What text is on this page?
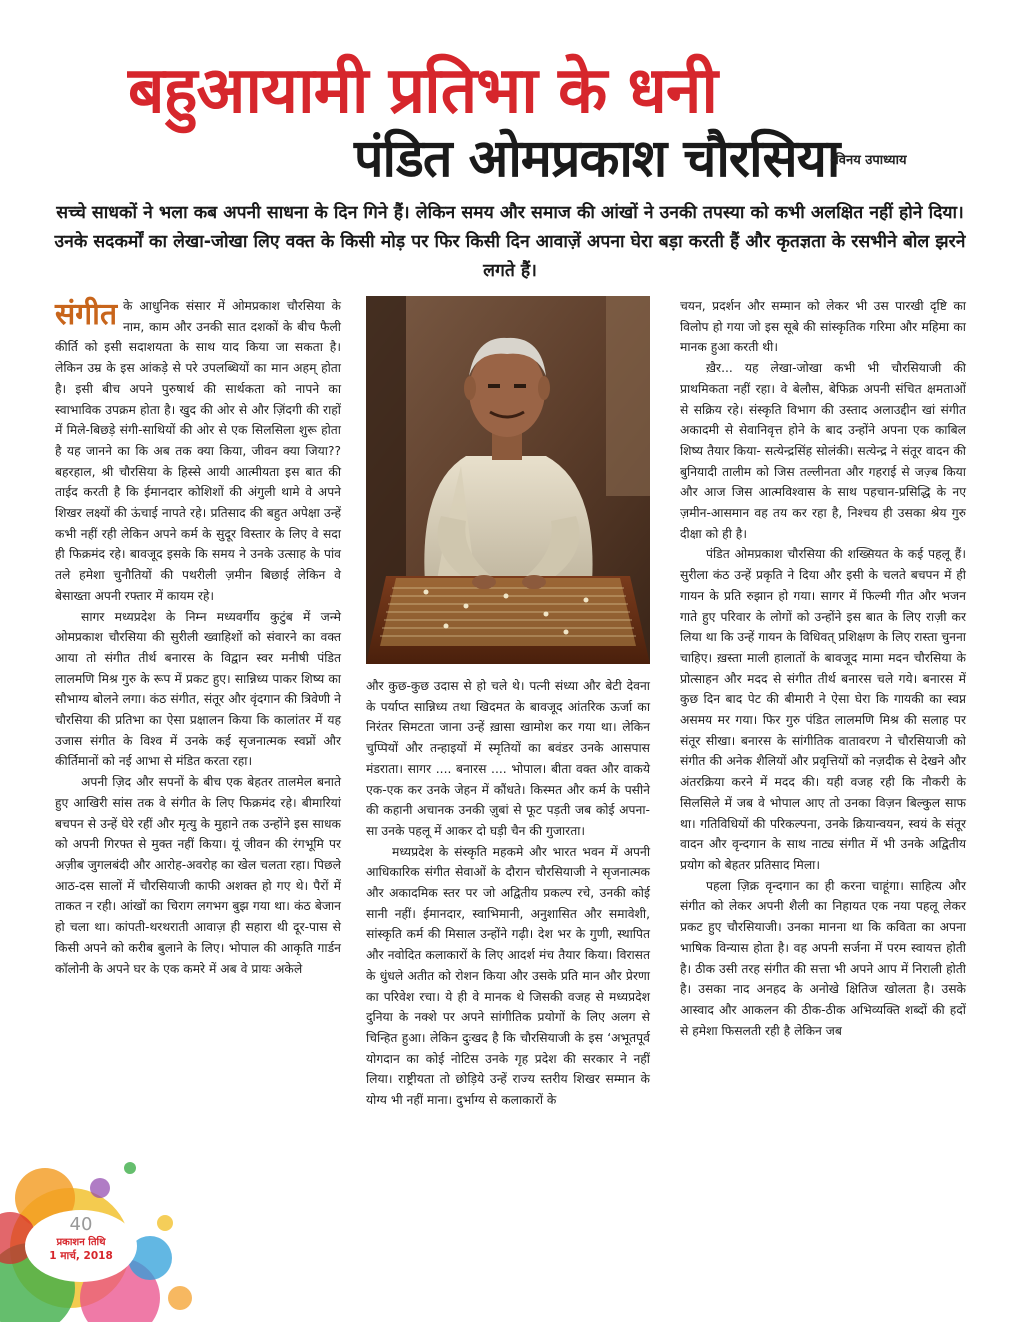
बहुआयामी प्रतिभा के धनी
पंडित ओमप्रकाश चौरसिया
-विनय उपाध्याय
सच्चे साधकों ने भला कब अपनी साधना के दिन गिने हैं। लेकिन समय और समाज की आंखों ने उनकी तपस्या को कभी अलक्षित नहीं होने दिया। उनके सदकर्मों का लेखा-जोखा लिए वक्त के किसी मोड़ पर फिर किसी दिन आवाज़ें अपना घेरा बड़ा करती हैं और कृतज्ञता के रसभीने बोल झरने लगते हैं।

संगीत के आधुनिक संसार में ओमप्रकाश चौरसिया के नाम, काम और उनकी सात दशकों के बीच फैली कीर्ति को इसी सदाशयता के साथ याद किया जा सकता है। लेकिन उम्र के इस आंकड़े से परे उपलब्धियों का मान अहम् होता है। इसी बीच अपने पुरुषार्थ की सार्थकता को नापने का स्वाभाविक उपक्रम होता है। खुद की ओर से और ज़िंदगी की राहों में मिले-बिछड़े संगी-साथियों की ओर से एक सिलसिला शुरू होता है यह जानने का कि अब तक क्या किया, जीवन क्या जिया?? बहरहाल, श्री चौरसिया के हिस्से आयी आत्मीयता इस बात की ताईद करती है कि ईमानदार कोशिशों की अंगुली थामे वे अपने शिखर लक्ष्यों की ऊंचाई नापते रहे। प्रतिसाद की बहुत अपेक्षा उन्हें कभी नहीं रही लेकिन अपने कर्म के सुदूर विस्तार के लिए वे सदा ही फिक्रमंद रहे। बावजूद इसके कि समय ने उनके उत्साह के पांव तले हमेशा चुनौतियों की पथरीली ज़मीन बिछाई लेकिन वे बेसाख्ता अपनी रफ्तार में कायम रहे।

सागर मध्यप्रदेश के निम्न मध्यवर्गीय कुटुंब में जन्मे ओमप्रकाश चौरसिया की सुरीली ख्वाहिशों को संवारने का वक्त आया तो संगीत तीर्थ बनारस के विद्वान स्वर मनीषी पंडित लालमणि मिश्र गुरु के रूप में प्रकट हुए। सान्निध्य पाकर शिष्य का सौभाग्य बोलने लगा। कंठ संगीत, संतूर और वृंदगान की त्रिवेणी ने चौरसिया की प्रतिभा का ऐसा प्रक्षालन किया कि कालांतर में यह उजास संगीत के विश्व में उनके कई सृजनात्मक स्वप्नों और कीर्तिमानों को नई आभा से मंडित करता रहा।

अपनी ज़िद और सपनों के बीच एक बेहतर तालमेल बनाते हुए आखिरी सांस तक वे संगीत के लिए फिक्रमंद रहे। बीमारियां बचपन से उन्हें घेरे रहीं और मृत्यु के मुहाने तक उन्होंने इस साधक को अपनी गिरफ्त से मुक्त नहीं किया। यूं जीवन की रंगभूमि पर अज़ीब जुगलबंदी और आरोह-अवरोह का खेल चलता रहा। पिछले आठ-दस सालों में चौरसियाजी काफी अशक्त हो गए थे। पैरों में ताकत न रही। आंखों का चिराग लगभग बुझ गया था। कंठ बेजान हो चला था। कांपती-थरथराती आवाज़ ही सहारा थी दूर-पास से किसी अपने को करीब बुलाने के लिए। भोपाल की आकृति गार्डन कॉलोनी के अपने घर के एक कमरे में अब वे प्रायः अकेले

और कुछ-कुछ उदास से हो चले थे। पत्नी संध्या और बेटी देवना के पर्याप्त सान्निध्य तथा खिदमत के बावजूद आंतरिक ऊर्जा का निरंतर सिमटता जाना उन्हें ख़ासा खामोश कर गया था। लेकिन चुप्पियों और तन्हाइयों में स्मृतियों का बवंडर उनके आसपास मंडराता। सागर .... बनारस .... भोपाल। बीता वक्त और वाकये एक-एक कर उनके जेहन में कौंधते। किस्मत और कर्म के पसीने की कहानी अचानक उनकी ज़ुबां से फूट पड़ती जब कोई अपना-सा उनके पहलू में आकर दो घड़ी चैन की गुजारता।

मध्यप्रदेश के संस्कृति महकमे और भारत भवन में अपनी आधिकारिक संगीत सेवाओं के दौरान चौरसियाजी ने सृजनात्मक और अकादमिक स्तर पर जो अद्वितीय प्रकल्प रचे, उनकी कोई सानी नहीं। ईमानदार, स्वाभिमानी, अनुशासित और समावेशी, सांस्कृति कर्म की मिसाल उन्होंने गढ़ी। देश भर के गुणी, स्थापित और नवोदित कलाकारों के लिए आदर्श मंच तैयार किया। विरासत के धुंधले अतीत को रोशन किया और उसके प्रति मान और प्रेरणा का परिवेश रचा। ये ही वे मानक थे जिसकी वजह से मध्यप्रदेश दुनिया के नक्शे पर अपने सांगीतिक प्रयोगों के लिए अलग से चिन्हित हुआ। लेकिन दुःखद है कि चौरसियाजी के इस ‘अभूतपूर्व योगदान का कोई नोटिस उनके गृह प्रदेश की सरकार ने नहीं लिया। राष्ट्रीयता तो छोड़िये उन्हें राज्य स्तरीय शिखर सम्मान के योग्य भी नहीं माना। दुर्भाग्य से कलाकारों के

चयन, प्रदर्शन और सम्मान को लेकर भी उस पारखी दृष्टि का विलोप हो गया जो इस सूबे की सांस्कृतिक गरिमा और महिमा का मानक हुआ करती थी।

ख़ैर... यह लेखा-जोखा कभी भी चौरसियाजी की प्राथमिकता नहीं रहा। वे बेलौस, बेफिक्र अपनी संचित क्षमताओं से सक्रिय रहे। संस्कृति विभाग की उस्ताद अलाउद्दीन खां संगीत अकादमी से सेवानिवृत्त होने के बाद उन्होंने अपना एक काबिल शिष्य तैयार किया- सत्येन्द्रसिंह सोलंकी। सत्येन्द्र ने संतूर वादन की बुनियादी तालीम को जिस तल्लीनता और गहराई से जज़्ब किया और आज जिस आत्मविश्वास के साथ पहचान-प्रसिद्धि के नए ज़मीन-आसमान वह तय कर रहा है, निश्चय ही उसका श्रेय गुरु दीक्षा को ही है।

पंडित ओमप्रकाश चौरसिया की शख्सियत के कई पहलू हैं। सुरीला कंठ उन्हें प्रकृति ने दिया और इसी के चलते बचपन में ही गायन के प्रति रुझान हो गया। सागर में फिल्मी गीत और भजन गाते हुए परिवार के लोगों को उन्होंने इस बात के लिए राज़ी कर लिया था कि उन्हें गायन के विधिवत् प्रशिक्षण के लिए रास्ता चुनना चाहिए। ख़स्ता माली हालातों के बावजूद मामा मदन चौरसिया के प्रोत्साहन और मदद से संगीत तीर्थ बनारस चले गये। बनारस में कुछ दिन बाद पेट की बीमारी ने ऐसा घेरा कि गायकी का स्वप्न असमय मर गया। फिर गुरु पंडित लालमणि मिश्र की सलाह पर संतूर सीखा। बनारस के सांगीतिक वातावरण ने चौरसियाजी को संगीत की अनेक शैलियों और प्रवृत्तियों को नज़दीक से देखने और अंतरक्रिया करने में मदद की। यही वजह रही कि नौकरी के सिलसिले में जब वे भोपाल आए तो उनका विज़न बिल्कुल साफ था। गतिविधियों की परिकल्पना, उनके क्रियान्वयन, स्वयं के संतूर वादन और वृन्दगान के साथ नाट्य संगीत में भी उनके अद्वितीय प्रयोग को बेहतर प्रतिसाद मिला।

पहला ज़िक्र वृन्दगान का ही करना चाहूंगा। साहित्य और संगीत को लेकर अपनी शैली का निहायत एक नया पहलू लेकर प्रकट हुए चौरसियाजी। उनका मानना था कि कविता का अपना भाषिक विन्यास होता है। वह अपनी सर्जना में परम स्वायत्त होती है। ठीक उसी तरह संगीत की सत्ता भी अपने आप में निराली होती है। उसका नाद अनहद के अनोखे क्षितिज खोलता है। उसके आस्वाद और आकलन की ठीक-ठीक अभिव्यक्ति शब्दों की हदों से हमेशा फिसलती रही है लेकिन जब

40
प्रकाशन तिथि
1 मार्च, 2018
